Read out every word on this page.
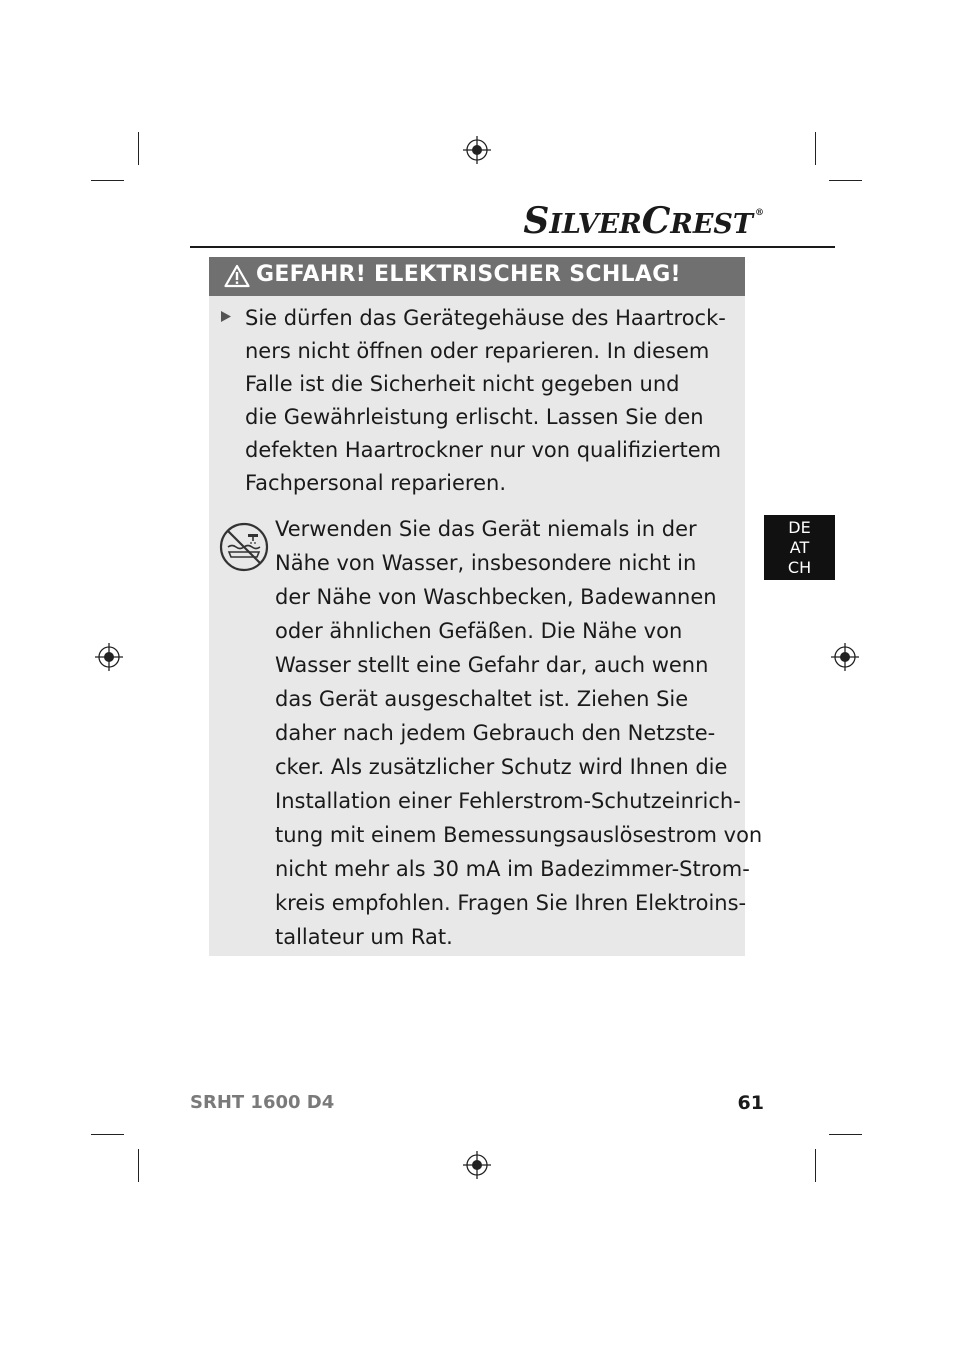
SILVERCREST ®
GEFAHR! ELEKTRISCHER SCHLAG!
Sie dürfen das Gerätegehäuse des Haartrock-
ners nicht öffnen oder reparieren. In diesem
Falle ist die Sicherheit nicht gegeben und
die Gewährleistung erlischt. Lassen Sie den
defekten Haartrockner nur von qualifiziertem
Fachpersonal reparieren.
Verwenden Sie das Gerät niemals in der
Nähe von Wasser, insbesondere nicht in
der Nähe von Waschbecken, Badewannen
oder ähnlichen Gefäßen. Die Nähe von
Wasser stellt eine Gefahr dar, auch wenn
das Gerät ausgeschaltet ist. Ziehen Sie
daher nach jedem Gebrauch den Netzste-
cker. Als zusätzlicher Schutz wird Ihnen die
Installation einer Fehlerstrom-Schutzeinrich-
tung mit einem Bemessungsauslösestrom von
nicht mehr als 30 mA im Badezimmer-Strom-
kreis empfohlen. Fragen Sie Ihren Elektroins-
tallateur um Rat.
DE
AT
CH
SRHT 1600 D4	61
